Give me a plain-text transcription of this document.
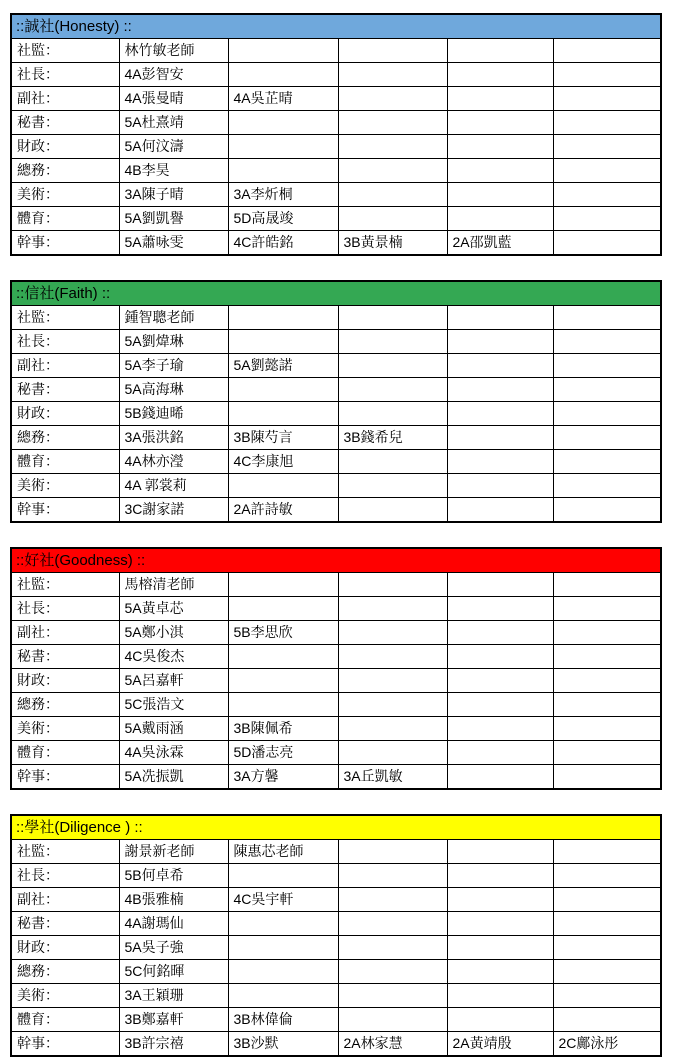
::誠社(Honesty) ::					
社監：	林竹敏老師				
社長：	4A彭智安				
副社：	4A張曼晴	4A吳芷晴			
秘書：	5A杜熹靖				
財政：	5A何汶濤				
總務：	4B李昊				
美術：	3A陳子晴	3A李炘桐			
體育：	5A劉凱譽	5D高晟竣			
幹事：	5A蕭咏雯	4C許皓銘	3B黃景楠	2A邵凱藍	
::信社(Faith) ::					
社監：	鍾智聰老師				
社長：	5A劉煒琳				
副社：	5A李子瑜	5A劉懿諾			
秘書：	5A高海琳				
財政：	5B錢迪晞				
總務：	3A張洪銘	3B陳芍言	3B錢希兒		
體育：	4A林亦瀅	4C李康旭			
美術：	4A 郭裳莉				
幹事：	3C謝家諾	2A許詩敏			
::好社(Goodness) ::					
社監：	馬榕清老師				
社長：	5A黃卓芯				
副社：	5A鄭小淇	5B李思欣			
秘書：	4C吳俊杰				
財政：	5A呂嘉軒				
總務：	5C張浩文				
美術：	5A戴雨涵	3B陳佩希			
體育：	4A吳泳霖	5D潘志亮			
幹事：	5A冼振凱	3A方馨	3A丘凱敏		
::學社(Diligence ) ::					
社監：	謝景新老師	陳惠芯老師			
社長：	5B何卓希				
副社：	4B張雅楠	4C吳宇軒			
秘書：	4A謝瑪仙				
財政：	5A吳子強				
總務：	5C何銘暉				
美術：	3A王穎珊				
體育：	3B鄭嘉軒	3B林偉倫			
幹事：	3B許宗禧	3B沙默	2A林家慧	2A黃靖殷	2C鄺泳彤
